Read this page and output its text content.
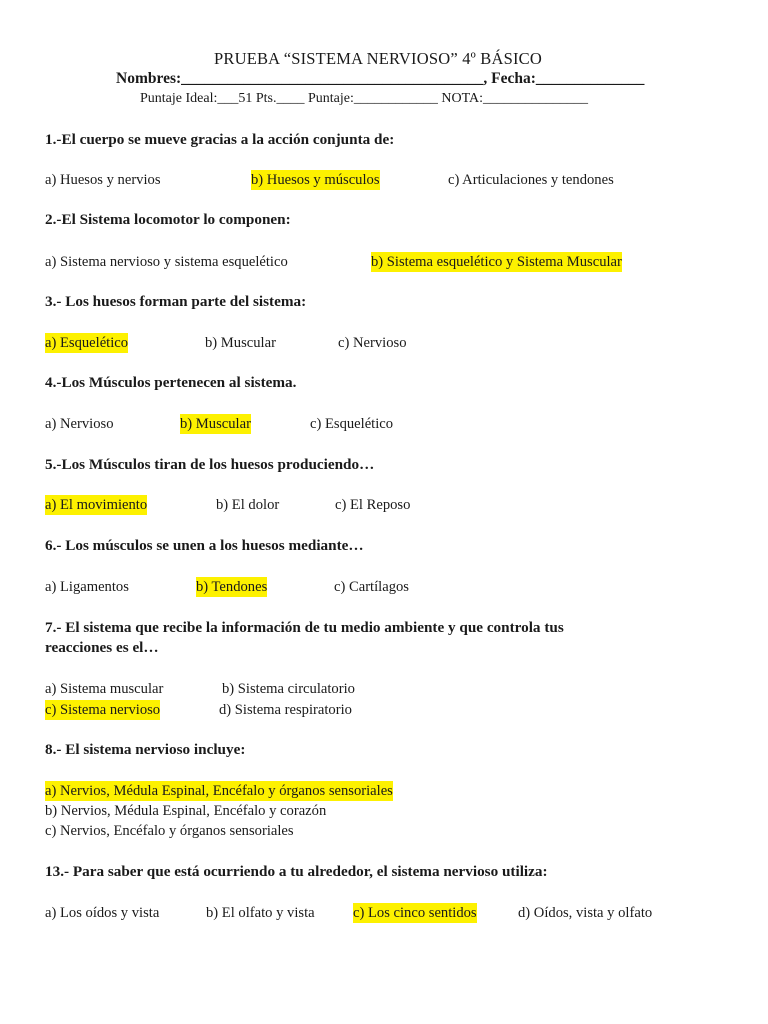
PRUEBA “SISTEMA NERVIOSO” 4º BÁSICO
Nombres:_______________________________________, Fecha:______________
Puntaje Ideal:___51 Pts.____ Puntaje:____________ NOTA:_______________
1.-El cuerpo se mueve gracias a la acción conjunta de:
a) Huesos y nervios	b) Huesos y músculos	c) Articulaciones y tendones
2.-El Sistema locomotor lo componen:
a) Sistema nervioso y sistema esquelético	b) Sistema esquelético y Sistema Muscular
3.- Los huesos forman parte del sistema:
a) Esquelético	b) Muscular	c) Nervioso
4.-Los Músculos pertenecen al sistema.
a) Nervioso	b) Muscular	c) Esquelético
5.-Los Músculos tiran de los huesos produciendo…
a) El movimiento	b) El dolor	c) El Reposo
6.- Los músculos se unen a los huesos mediante…
a) Ligamentos	b) Tendones	c) Cartílagos
7.- El sistema que recibe la información de tu medio ambiente y que controla tus
reacciones es el…
a) Sistema muscular	b) Sistema circulatorio
c) Sistema nervioso	d) Sistema respiratorio
8.- El sistema nervioso incluye:
a) Nervios, Médula Espinal, Encéfalo y órganos sensoriales
b) Nervios, Médula Espinal, Encéfalo y corazón
c) Nervios, Encéfalo y órganos sensoriales
13.- Para saber que está ocurriendo a tu alrededor, el sistema nervioso utiliza:
a) Los oídos y vista	b) El olfato y vista	c) Los cinco sentidos	d) Oídos, vista y olfato
